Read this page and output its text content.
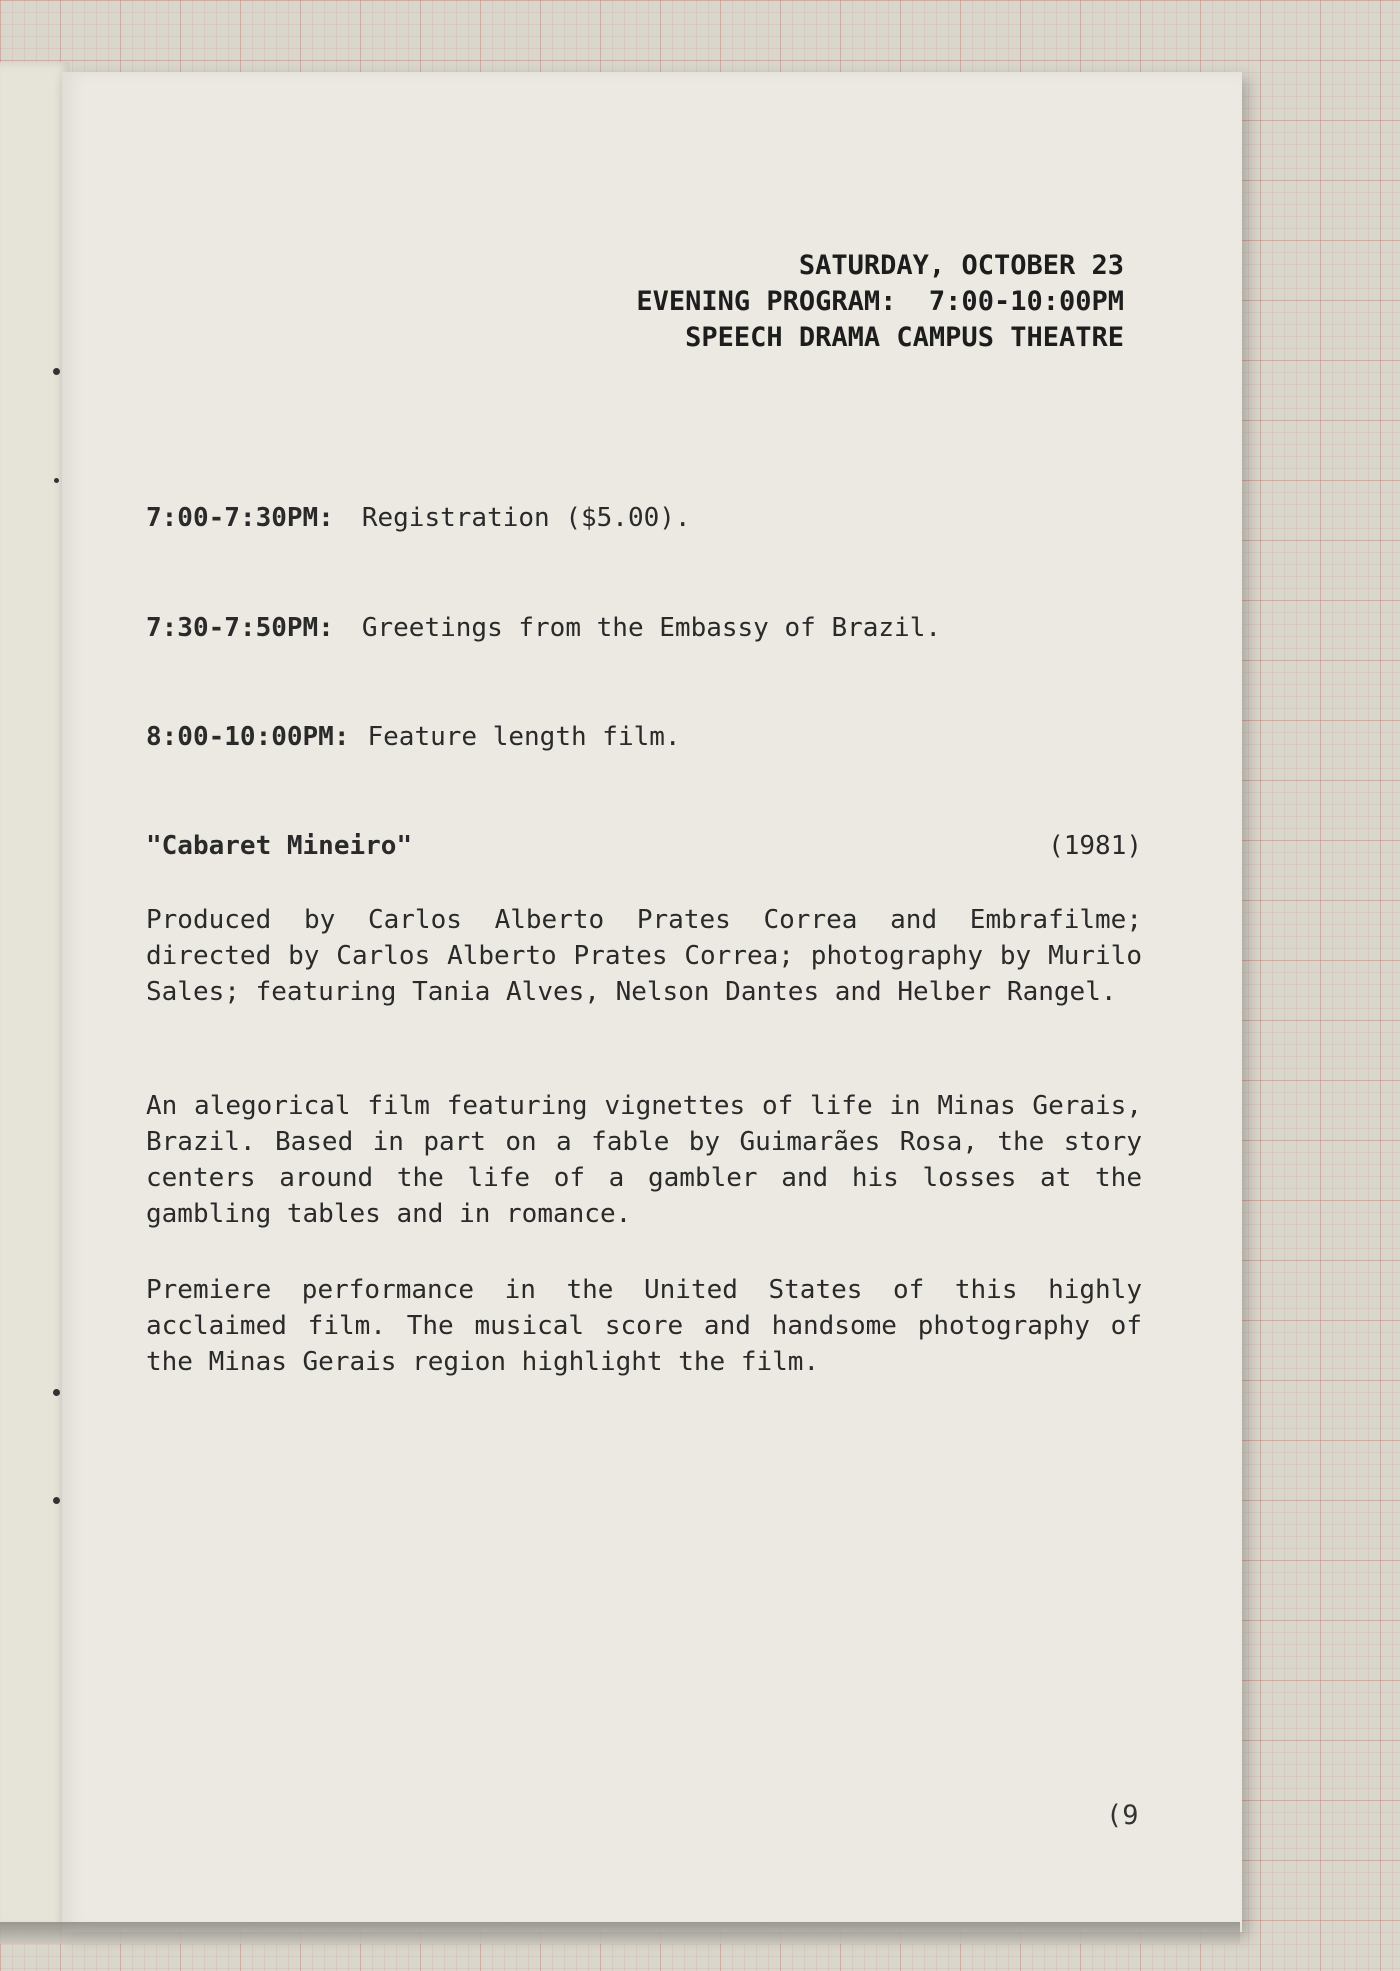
SATURDAY, OCTOBER 23
EVENING PROGRAM:  7:00-10:00PM
SPEECH DRAMA CAMPUS THEATRE
7:00-7:30PM: Registration ($5.00).
7:30-7:50PM: Greetings from the Embassy of Brazil.
8:00-10:00PM: Feature length film.
"Cabaret Mineiro"	(1981)
Produced by Carlos Alberto Prates Correa and Embrafilme; directed by Carlos Alberto Prates Correa; photography by Murilo Sales; featuring Tania Alves, Nelson Dantes and Helber Rangel.
An alegorical film featuring vignettes of life in Minas Gerais, Brazil. Based in part on a fable by Guimarães Rosa, the story centers around the life of a gambler and his losses at the gambling tables and in romance.
Premiere performance in the United States of this highly acclaimed film. The musical score and handsome photography of the Minas Gerais region highlight the film.
(9
